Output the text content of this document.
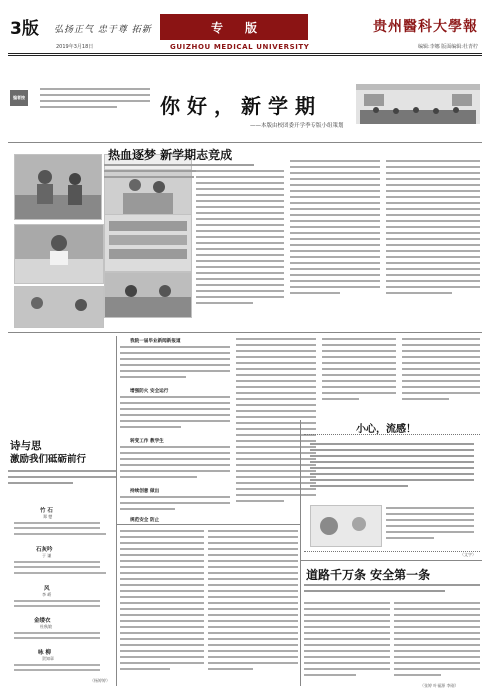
3版 弘扬正气 忠于尊 拓新	专 版	贵州醫科大學報
2019年3月18日	GUIZHOU MEDICAL UNIVERSITY	编辑:李娜 版面编辑:杜青柠
编者按	你好，新学期
——本版由校团委开学季专版小组策划
热血逐梦 新学期志竞成
我院一届毕业新闻新报道
增强防火 安全运行
转变工作 教学生
持续创意 做出
规范安全 防止
小心，流感！
（文字）
诗与思
激励我们砥砺前行
竹 石
郑 燮
石灰吟
于 谦
风
李 峤
金缕衣
杜秋娘
咏 柳
贺知章
（杨婷婷）
道路千万条 安全第一条
（张婷 叶福源 李刚）
